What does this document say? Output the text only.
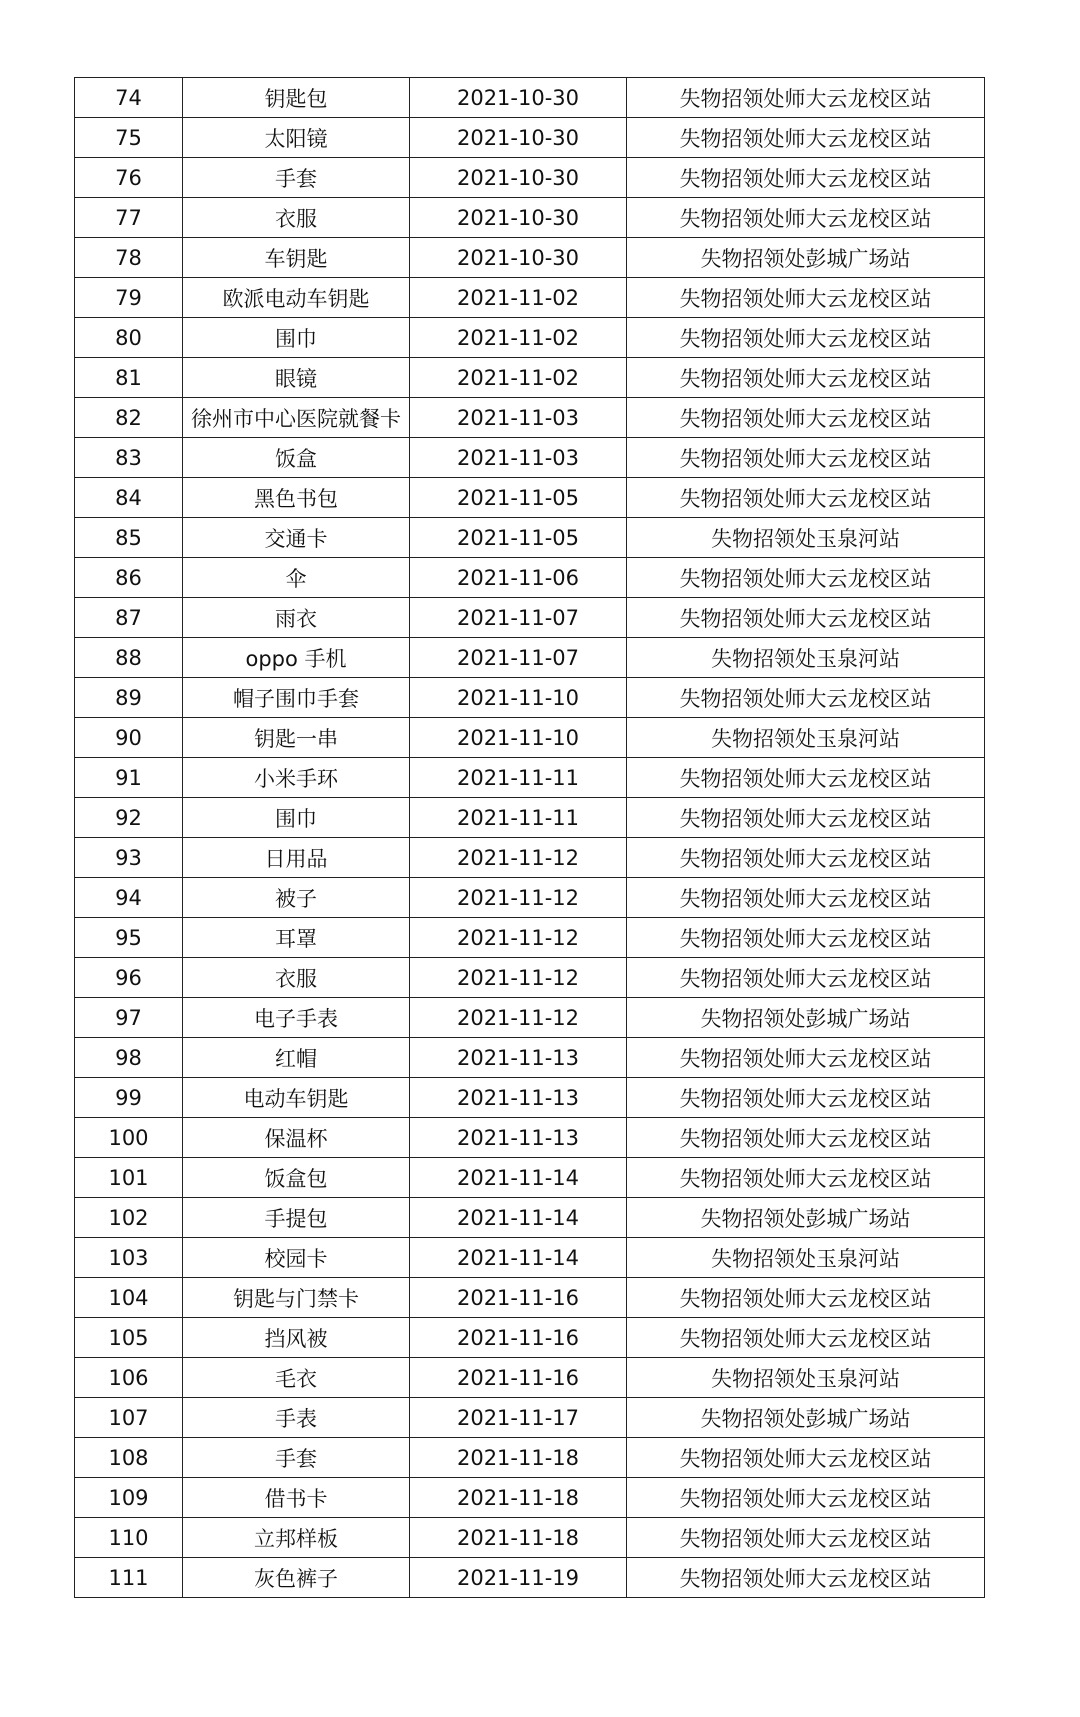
74	钥匙包	2021-10-30	失物招领处师大云龙校区站
75	太阳镜	2021-10-30	失物招领处师大云龙校区站
76	手套	2021-10-30	失物招领处师大云龙校区站
77	衣服	2021-10-30	失物招领处师大云龙校区站
78	车钥匙	2021-10-30	失物招领处彭城广场站
79	欧派电动车钥匙	2021-11-02	失物招领处师大云龙校区站
80	围巾	2021-11-02	失物招领处师大云龙校区站
81	眼镜	2021-11-02	失物招领处师大云龙校区站
82	徐州市中心医院就餐卡	2021-11-03	失物招领处师大云龙校区站
83	饭盒	2021-11-03	失物招领处师大云龙校区站
84	黑色书包	2021-11-05	失物招领处师大云龙校区站
85	交通卡	2021-11-05	失物招领处玉泉河站
86	伞	2021-11-06	失物招领处师大云龙校区站
87	雨衣	2021-11-07	失物招领处师大云龙校区站
88	oppo 手机	2021-11-07	失物招领处玉泉河站
89	帽子围巾手套	2021-11-10	失物招领处师大云龙校区站
90	钥匙一串	2021-11-10	失物招领处玉泉河站
91	小米手环	2021-11-11	失物招领处师大云龙校区站
92	围巾	2021-11-11	失物招领处师大云龙校区站
93	日用品	2021-11-12	失物招领处师大云龙校区站
94	被子	2021-11-12	失物招领处师大云龙校区站
95	耳罩	2021-11-12	失物招领处师大云龙校区站
96	衣服	2021-11-12	失物招领处师大云龙校区站
97	电子手表	2021-11-12	失物招领处彭城广场站
98	红帽	2021-11-13	失物招领处师大云龙校区站
99	电动车钥匙	2021-11-13	失物招领处师大云龙校区站
100	保温杯	2021-11-13	失物招领处师大云龙校区站
101	饭盒包	2021-11-14	失物招领处师大云龙校区站
102	手提包	2021-11-14	失物招领处彭城广场站
103	校园卡	2021-11-14	失物招领处玉泉河站
104	钥匙与门禁卡	2021-11-16	失物招领处师大云龙校区站
105	挡风被	2021-11-16	失物招领处师大云龙校区站
106	毛衣	2021-11-16	失物招领处玉泉河站
107	手表	2021-11-17	失物招领处彭城广场站
108	手套	2021-11-18	失物招领处师大云龙校区站
109	借书卡	2021-11-18	失物招领处师大云龙校区站
110	立邦样板	2021-11-18	失物招领处师大云龙校区站
111	灰色裤子	2021-11-19	失物招领处师大云龙校区站
